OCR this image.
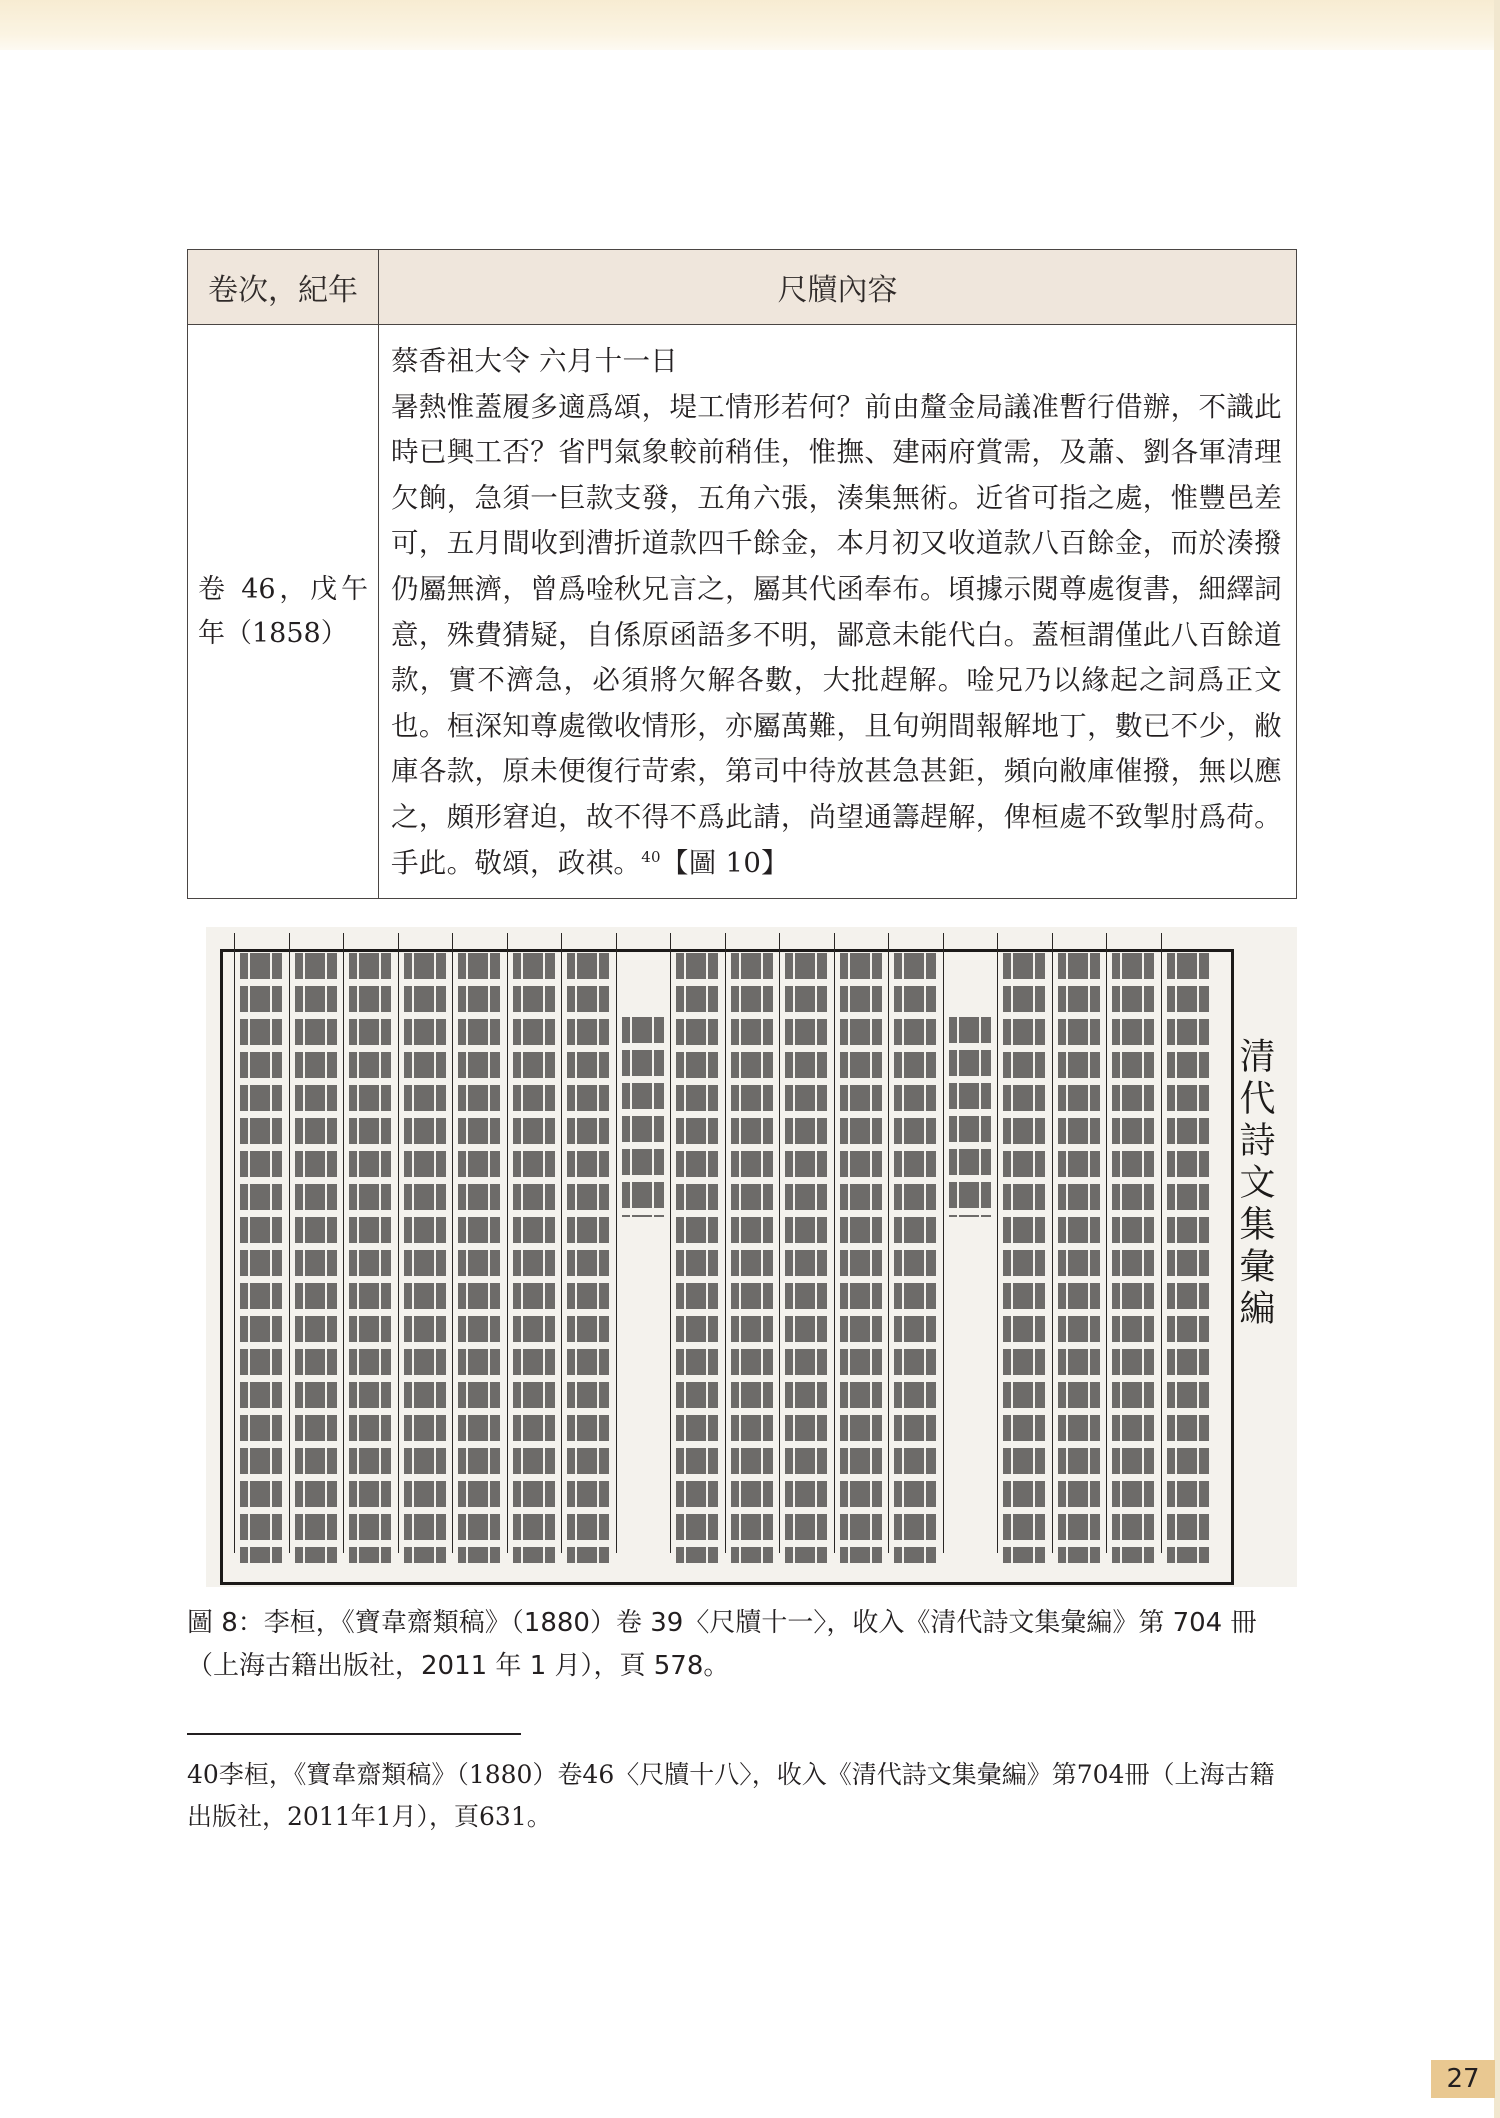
卷次，紀年	尺牘內容
卷 46，戊午年（1858）	蔡香祖大令 六月十一日
暑熱惟蓋履多適爲頌，堤工情形若何？前由釐金局議准暫行借辦，不識此時已興工否？省門氣象較前稍佳，惟撫、建兩府賞需，及蕭、劉各軍清理欠餉，急須一巨款支發，五角六張，湊集無術。近省可指之處，惟豐邑差可，五月間收到漕折道款四千餘金，本月初又收道款八百餘金，而於湊撥仍屬無濟，曾爲唫秋兄言之，屬其代函奉布。頃據示閱尊處復書，細繹詞意，殊費猜疑，自係原函語多不明，鄙意未能代白。蓋桓謂僅此八百餘道款，實不濟急，必須將欠解各數，大批趕解。唫兄乃以緣起之詞爲正文也。桓深知尊處徵收情形，亦屬萬難，且旬朔間報解地丁，數已不少，敝庫各款，原未便復行苛索，第司中待放甚急甚鉅，頻向敝庫催撥，無以應之，頗形窘迫，故不得不爲此請，尚望通籌趕解，俾桓處不致掣肘爲荷。手此。敬頌，政祺。$^{40}$【圖 10】
清代詩文集彙編
圖 8：李桓，《寶韋齋類稿》（1880）卷 39〈尺牘十一〉，收入《清代詩文集彙編》第 704 冊（上海古籍出版社，2011 年 1 月），頁 578。
40李桓，《寶韋齋類稿》（1880）卷46〈尺牘十八〉，收入《清代詩文集彙編》第704冊（上海古籍出版社，2011年1月），頁631。
27
